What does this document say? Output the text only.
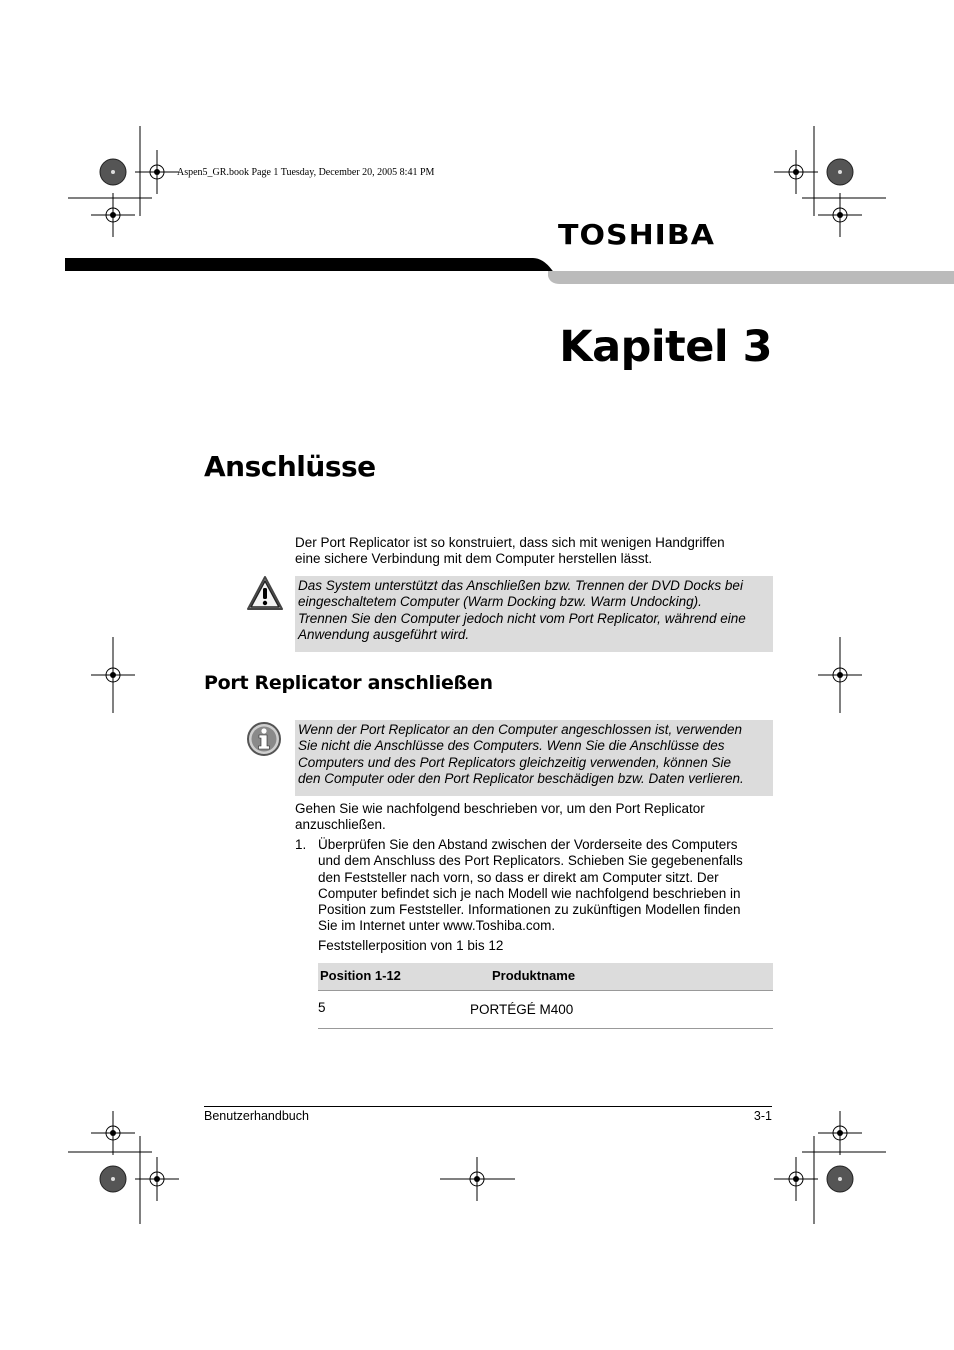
Aspen5_GR.book Page 1 Tuesday, December 20, 2005 8:41 PM
TOSHIBA
Kapitel 3
Anschlüsse
Der Port Replicator ist so konstruiert, dass sich mit wenigen Handgriffen
eine sichere Verbindung mit dem Computer herstellen lässt.
Das System unterstützt das Anschließen bzw. Trennen der DVD Docks bei
eingeschaltetem Computer (Warm Docking bzw. Warm Undocking).
Trennen Sie den Computer jedoch nicht vom Port Replicator, während eine
Anwendung ausgeführt wird.
Port Replicator anschließen
Wenn der Port Replicator an den Computer angeschlossen ist, verwenden
Sie nicht die Anschlüsse des Computers. Wenn Sie die Anschlüsse des
Computers und des Port Replicators gleichzeitig verwenden, können Sie
den Computer oder den Port Replicator beschädigen bzw. Daten verlieren.
Gehen Sie wie nachfolgend beschrieben vor, um den Port Replicator
anzuschließen.
1. Überprüfen Sie den Abstand zwischen der Vorderseite des Computers
und dem Anschluss des Port Replicators. Schieben Sie gegebenenfalls
den Feststeller nach vorn, so dass er direkt am Computer sitzt. Der
Computer befindet sich je nach Modell wie nachfolgend beschrieben in
Position zum Feststeller. Informationen zu zukünftigen Modellen finden
Sie im Internet unter www.Toshiba.com.
Feststellerposition von 1 bis 12
Position 1-12	Produktname
5	PORTÉGÉ M400
Benutzerhandbuch	3-1
